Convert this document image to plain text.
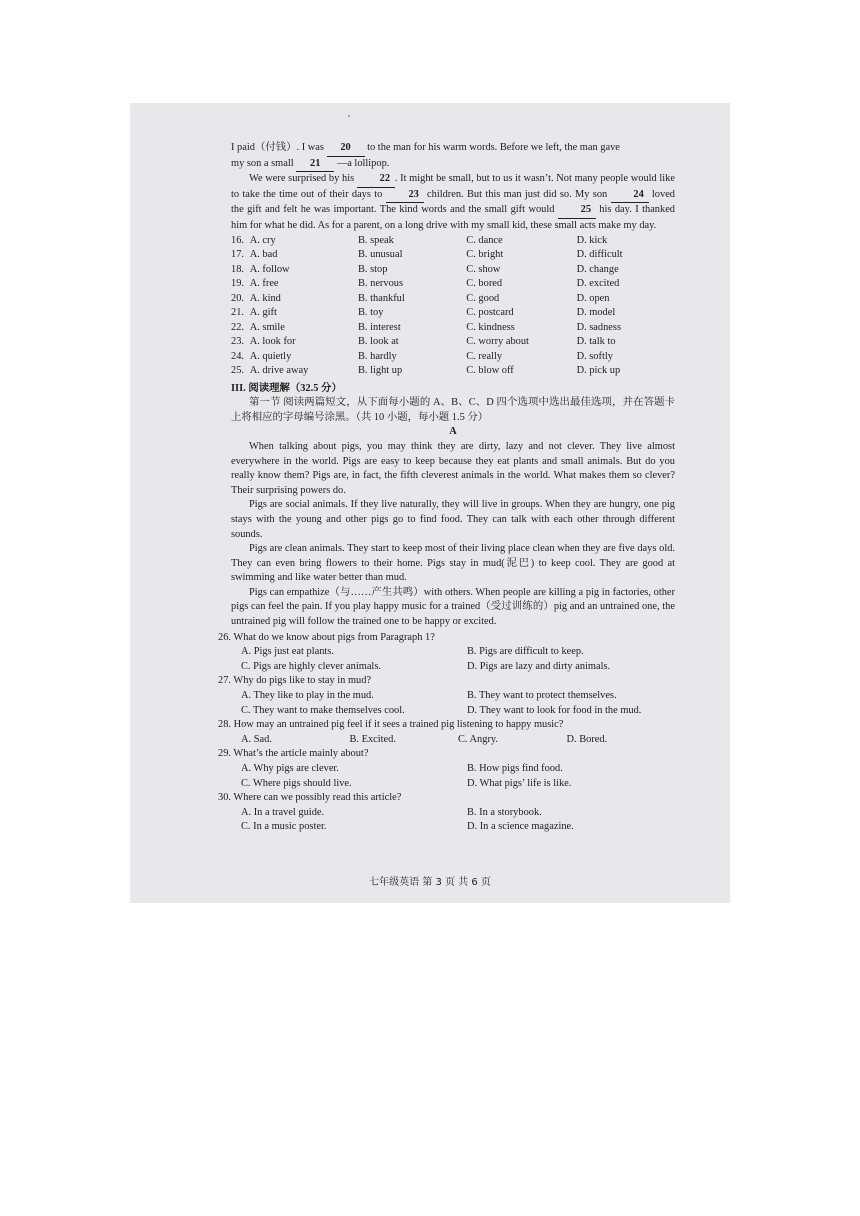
I paid（付钱）. I was 20 to the man for his warm words. Before we left, the man gave

my son a small 21 —a lollipop.

We were surprised by his 22 . It might be small, but to us it wasn’t. Not many people would like to take the time out of their days to 23 children. But this man just did so. My son 24 loved the gift and felt he was important. The kind words and the small gift would 25 his day. I thanked him for what he did. As for a parent, on a long drive with my small kid, these small acts make my day.

16. A. cry	B. speak	C. dance	D. kick
17. A. bad	B. unusual	C. bright	D. difficult
18. A. follow	B. stop	C. show	D. change
19. A. free	B. nervous	C. bored	D. excited
20. A. kind	B. thankful	C. good	D. open
21. A. gift	B. toy	C. postcard	D. model
22. A. smile	B. interest	C. kindness	D. sadness
23. A. look for	B. look at	C. worry about	D. talk to
24. A. quietly	B. hardly	C. really	D. softly
25. A. drive away	B. light up	C. blow off	D. pick up

III. 阅读理解（32.5 分）

第一节 阅读两篇短文，从下面每小题的 A、B、C、D 四个选项中选出最佳选项，并在答题卡上将相应的字母编号涂黑。（共 10 小题，每小题 1.5 分）

A

When talking about pigs, you may think they are dirty, lazy and not clever. They live almost everywhere in the world. Pigs are easy to keep because they eat plants and small animals. But do you really know them? Pigs are, in fact, the fifth cleverest animals in the world. What makes them so clever? Their surprising powers do.

Pigs are social animals. If they live naturally, they will live in groups. When they are hungry, one pig stays with the young and other pigs go to find food. They can talk with each other through different sounds.

Pigs are clean animals. They start to keep most of their living place clean when they are five days old. They can even bring flowers to their home. Pigs stay in mud(泥巴) to keep cool. They are good at swimming and like water better than mud.

Pigs can empathize（与……产生共鸣）with others. When people are killing a pig in factories, other pigs can feel the pain. If you play happy music for a trained（受过训练的）pig and an untrained one, the untrained pig will follow the trained one to be happy or excited.

26. What do we know about pigs from Paragraph 1?

A. Pigs just eat plants.	B. Pigs are difficult to keep.
C. Pigs are highly clever animals.	D. Pigs are lazy and dirty animals.

27. Why do pigs like to stay in mud?

A. They like to play in the mud.	B. They want to protect themselves.
C. They want to make themselves cool.	D. They want to look for food in the mud.

28. How may an untrained pig feel if it sees a trained pig listening to happy music?

A. Sad.	B. Excited.	C. Angry.	D. Bored.

29. What’s the article mainly about?

A. Why pigs are clever.	B. How pigs find food.
C. Where pigs should live.	D. What pigs’ life is like.

30. Where can we possibly read this article?

A. In a travel guide.	B. In a storybook.
C. In a music poster.	D. In a science magazine.
七年级英语 第 3 页 共 6 页
